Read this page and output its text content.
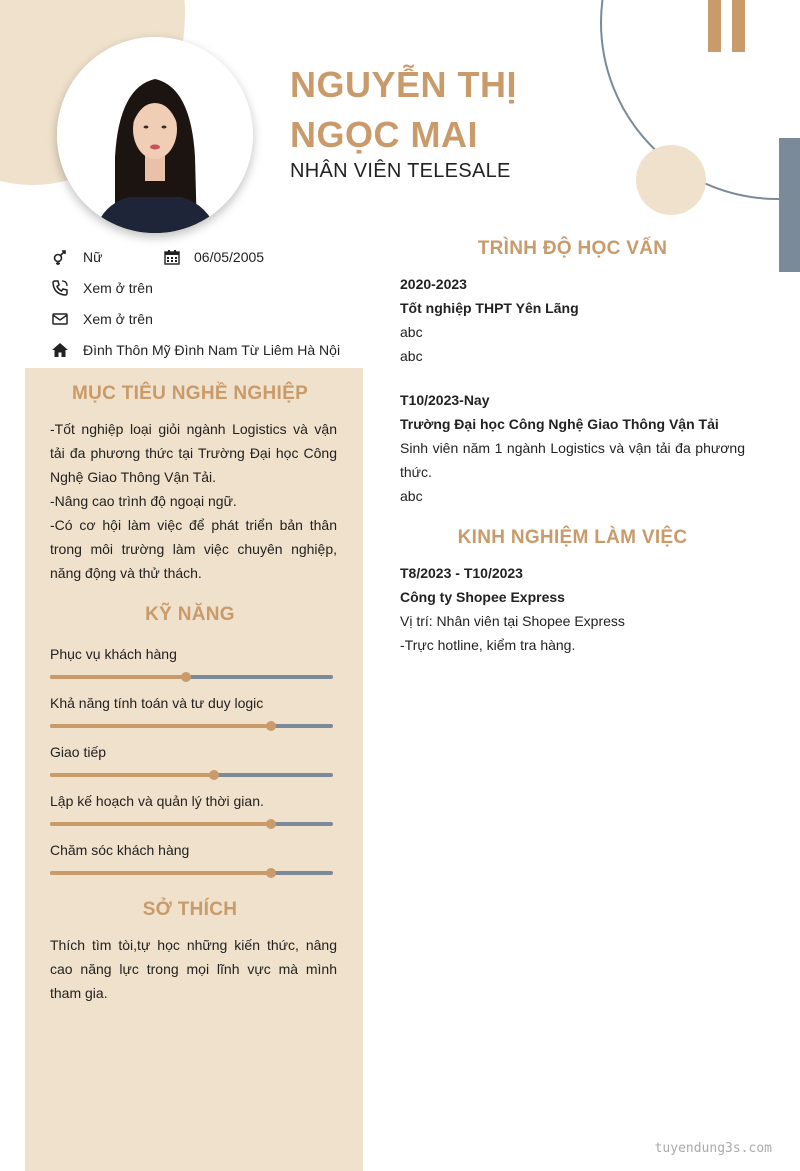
NGUYỄN THỊ
NGỌC MAI
NHÂN VIÊN TELESALE
Nữ	06/05/2005
Xem ở trên
Xem ở trên
Đình Thôn Mỹ Đình Nam Từ Liêm Hà Nội
MỤC TIÊU NGHỀ NGHIỆP
-Tốt nghiệp loại giỏi ngành Logistics và vận tải đa phương thức tại Trường Đại học Công Nghệ Giao Thông Vận Tải.
-Nâng cao trình độ ngoại ngữ.
-Có cơ hội làm việc để phát triển bản thân trong môi trường làm việc chuyên nghiệp, năng động và thử thách.
KỸ NĂNG
Phục vụ khách hàng
Khả năng tính toán và tư duy logic
Giao tiếp
Lập kế hoạch và quản lý thời gian.
Chăm sóc khách hàng
SỞ THÍCH
Thích tìm tòi,tự học những kiến thức, nâng cao năng lực trong mọi lĩnh vực mà mình tham gia.
TRÌNH ĐỘ HỌC VẤN
2020-2023
Tốt nghiệp THPT Yên Lãng
abc
abc
T10/2023-Nay
Trường Đại học Công Nghệ Giao Thông Vận Tải
Sinh viên năm 1 ngành Logistics và vận tải đa phương thức.
abc
KINH NGHIỆM LÀM VIỆC
T8/2023 - T10/2023
Công ty Shopee Express
Vị trí: Nhân viên tại Shopee Express
-Trực hotline, kiểm tra hàng.
tuyendung3s.com
